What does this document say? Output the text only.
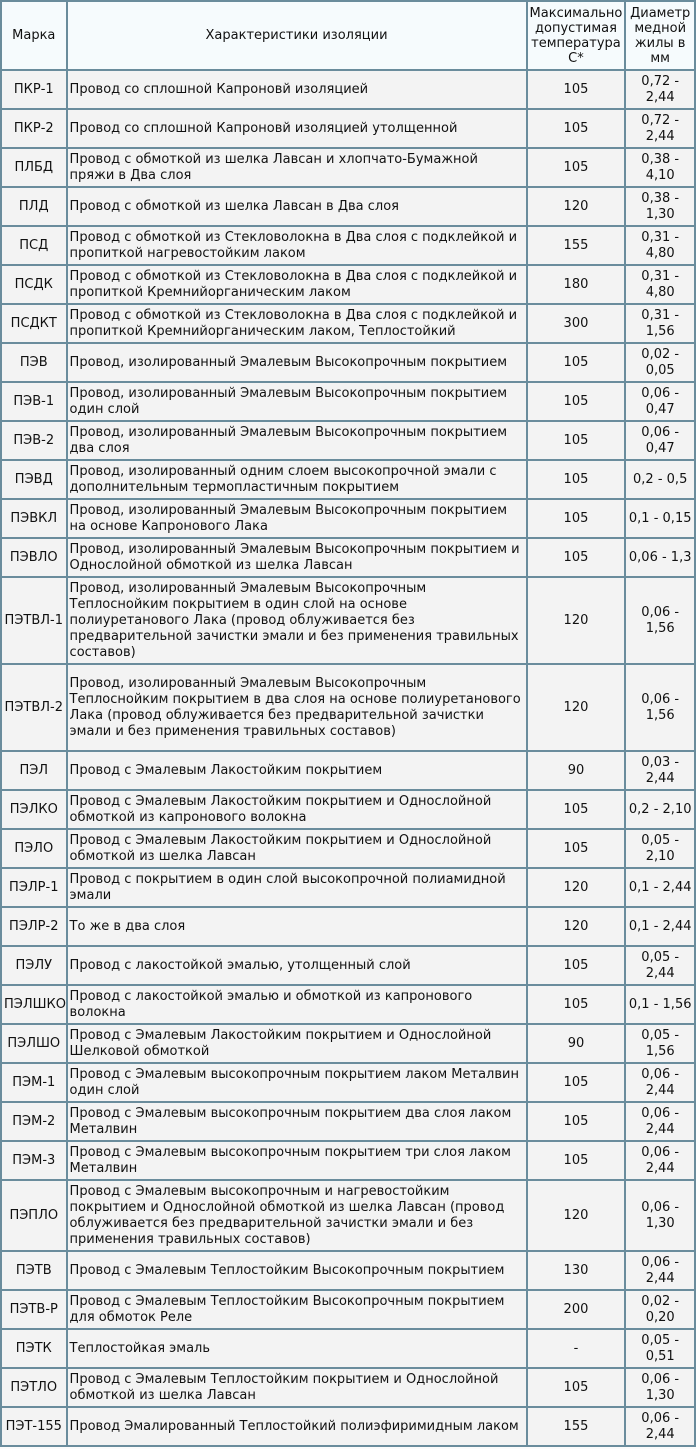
Марка	Характеристики изоляции	Максимально допустимая температура С*	Диаметр медной жилы в мм
ПКР-1	Провод со сплошной Капроновй изоляцией	105	0,72 - 2,44
ПКР-2	Провод со сплошной Капроновй изоляцией утолщенной	105	0,72 - 2,44
ПЛБД	Провод с обмоткой из шелка Лавсан и хлопчато-Бумажной пряжи в Два слоя	105	0,38 - 4,10
ПЛД	Провод с обмоткой из шелка Лавсан в Два слоя	120	0,38 - 1,30
ПСД	Провод с обмоткой из Стекловолокна в Два слоя с подклейкой и пропиткой нагревостойким лаком	155	0,31 - 4,80
ПСДК	Провод с обмоткой из Стекловолокна в Два слоя с подклейкой и пропиткой Кремнийорганическим лаком	180	0,31 - 4,80
ПСДКТ	Провод с обмоткой из Стекловолокна в Два слоя с подклейкой и пропиткой Кремнийорганическим лаком, Теплостойкий	300	0,31 - 1,56
ПЭВ	Провод, изолированный Эмалевым Высокопрочным покрытием	105	0,02 - 0,05
ПЭВ-1	Провод, изолированный Эмалевым Высокопрочным покрытием один слой	105	0,06 - 0,47
ПЭВ-2	Провод, изолированный Эмалевым Высокопрочным покрытием два слоя	105	0,06 - 0,47
ПЭВД	Провод, изолированный одним слоем высокопрочной эмали с дополнительным термопластичным покрытием	105	0,2 - 0,5
ПЭВКЛ	Провод, изолированный Эмалевым Высокопрочным покрытием на основе Капронового Лака	105	0,1 - 0,15
ПЭВЛО	Провод, изолированный Эмалевым Высокопрочным покрытием и Однослойной обмоткой из шелка Лавсан	105	0,06 - 1,3
ПЭТВЛ-1	Провод, изолированный Эмалевым Высокопрочным Теплоснойким покрытием в один слой на основе полиуретанового Лака (провод облуживается без предварительной зачистки эмали и без применения травильных составов)	120	0,06 - 1,56
ПЭТВЛ-2	Провод, изолированный Эмалевым Высокопрочным Теплоснойким покрытием в два слоя на основе полиуретанового Лака (провод облуживается без предварительной зачистки эмали и без применения травильных составов)	120	0,06 - 1,56
ПЭЛ	Провод с Эмалевым Лакостойким покрытием	90	0,03 - 2,44
ПЭЛКО	Провод с Эмалевым Лакостойким покрытием и Однослойной обмоткой из капронового волокна	105	0,2 - 2,10
ПЭЛО	Провод с Эмалевым Лакостойким покрытием и Однослойной обмоткой из шелка Лавсан	105	0,05 - 2,10
ПЭЛР-1	Провод с покрытием в один слой высокопрочной полиамидной эмали	120	0,1 - 2,44
ПЭЛР-2	То же в два слоя	120	0,1 - 2,44
ПЭЛУ	Провод с лакостойкой эмалью, утолщенный слой	105	0,05 - 2,44
ПЭЛШКО	Провод с лакостойкой эмалью и обмоткой из капронового волокна	105	0,1 - 1,56
ПЭЛШО	Провод с Эмалевым Лакостойким покрытием и Однослойной Шелковой обмоткой	90	0,05 - 1,56
ПЭМ-1	Провод с Эмалевым высокопрочным покрытием лаком Металвин один слой	105	0,06 - 2,44
ПЭМ-2	Провод с Эмалевым высокопрочным покрытием два слоя лаком Металвин	105	0,06 - 2,44
ПЭМ-3	Провод с Эмалевым высокопрочным покрытием три слоя лаком Металвин	105	0,06 - 2,44
ПЭПЛО	Провод с Эмалевым высокопрочным и нагревостойким покрытием и Однослойной обмоткой из шелка Лавсан (провод облуживается без предварительной зачистки эмали и без применения травильных составов)	120	0,06 - 1,30
ПЭТВ	Провод с Эмалевым Теплостойким Высокопрочным покрытием	130	0,06 - 2,44
ПЭТВ-Р	Провод с Эмалевым Теплостойким Высокопрочным покрытием для обмоток Реле	200	0,02 - 0,20
ПЭТК	Теплостойкая эмаль	-	0,05 - 0,51
ПЭТЛО	Провод с Эмалевым Теплостойким покрытием и Однослойной обмоткой из шелка Лавсан	105	0,06 - 1,30
ПЭТ-155	Провод Эмалированный Теплостойкий полиэфиримидным лаком	155	0,06 - 2,44
